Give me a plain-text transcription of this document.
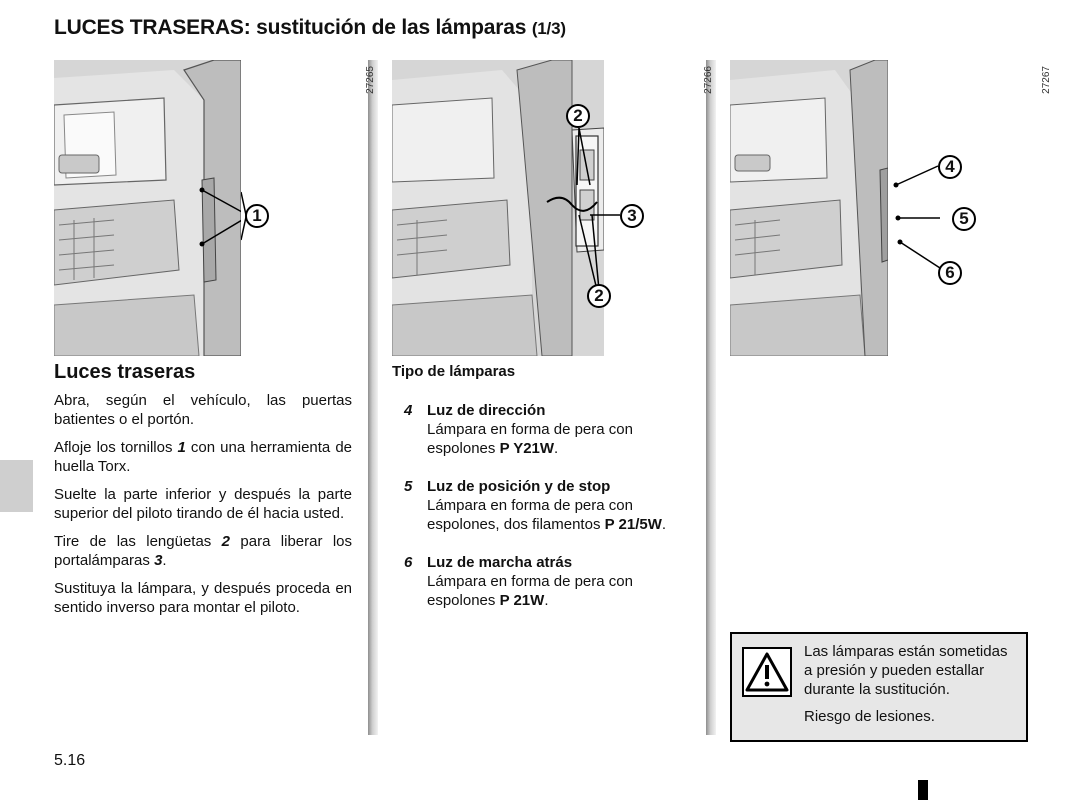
LUCES TRASERAS: sustitución de las lámparas (1/3)
1
27265
2
3
2
27266
4
5
6
27267
Luces traseras

Abra, según el vehículo, las puertas batientes o el portón.

Afloje los tornillos 1 con una herramienta de huella Torx.

Suelte la parte inferior y después la parte superior del piloto tirando de él hacia usted.

Tire de las lengüetas 2 para liberar los portalámparas 3.

Sustituya la lámpara, y después proceda en sentido inverso para montar el piloto.

Tipo de lámparas
4 Luz de dirección
Lámpara en forma de pera con espolones P Y21W.
5 Luz de posición y de stop
Lámpara en forma de pera con espolones, dos filamentos P 21/5W.
6 Luz de marcha atrás
Lámpara en forma de pera con espolones P 21W.

Las lámparas están sometidas a presión y pueden estallar durante la sustitución.

Riesgo de lesiones.

5.16
